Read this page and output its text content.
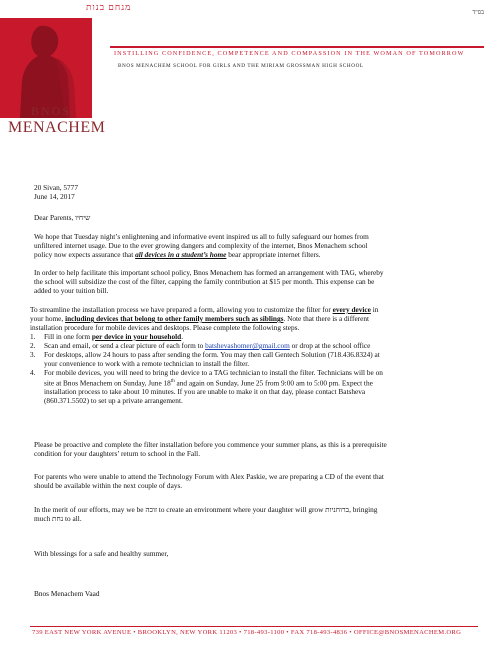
מנחם בנות
BNOS
MENACHEM
בס"ד
INSTILLING CONFIDENCE, COMPETENCE AND COMPASSION IN THE WOMAN OF TOMORROW
BNOS MENACHEM SCHOOL FOR GIRLS AND THE MIRIAM GROSSMAN HIGH SCHOOL
20 Sivan, 5777
June 14, 2017
Dear Parents, שיחיו
We hope that Tuesday night’s enlightening and informative event inspired us all to fully safeguard our homes from
unfiltered internet usage. Due to the ever growing dangers and complexity of the internet, Bnos Menachem school
policy now expects assurance that all devices in a student’s home bear appropriate internet filters.
In order to help facilitate this important school policy, Bnos Menachem has formed an arrangement with TAG, whereby
the school will subsidize the cost of the filter, capping the family contribution at $15 per month. This expense can be
added to your tuition bill.
To streamline the installation process we have prepared a form, allowing you to customize the filter for every device in
your home, including devices that belong to other family members such as siblings. Note that there is a different
installation procedure for mobile devices and desktops. Please complete the following steps.
1.	Fill in one form per device in your household.
2.	Scan and email, or send a clear picture of each form to batshevashomer@gmail.com or drop at the school office
3.	For desktops, allow 24 hours to pass after sending the form. You may then call Gentech Solution (718.436.8324) at
your convenience to work with a remote technician to install the filter.
4.	For mobile devices, you will need to bring the device to a TAG technician to install the filter. Technicians will be on
site at Bnos Menachem on Sunday, June 18th and again on Sunday, June 25 from 9:00 am to 5:00 pm. Expect the
installation process to take about 10 minutes. If you are unable to make it on that day, please contact Batsheva
(860.371.5502) to set up a private arrangement.
Please be proactive and complete the filter installation before you commence your summer plans, as this is a prerequisite
condition for your daughters’ return to school in the Fall.
For parents who were unable to attend the Technology Forum with Alex Paskie, we are preparing a CD of the event that
should be available within the next couple of days.
In the merit of our efforts, may we be זוכה to create an environment where your daughter will grow ברוחניות, bringing
much נחת to all.
With blessings for a safe and healthy summer,
Bnos Menachem Vaad
739 EAST NEW YORK AVENUE • BROOKLYN, NEW YORK 11203 • 718-493-1100 • FAX 718-493-4836 • OFFICE@BNOSMENACHEM.ORG
